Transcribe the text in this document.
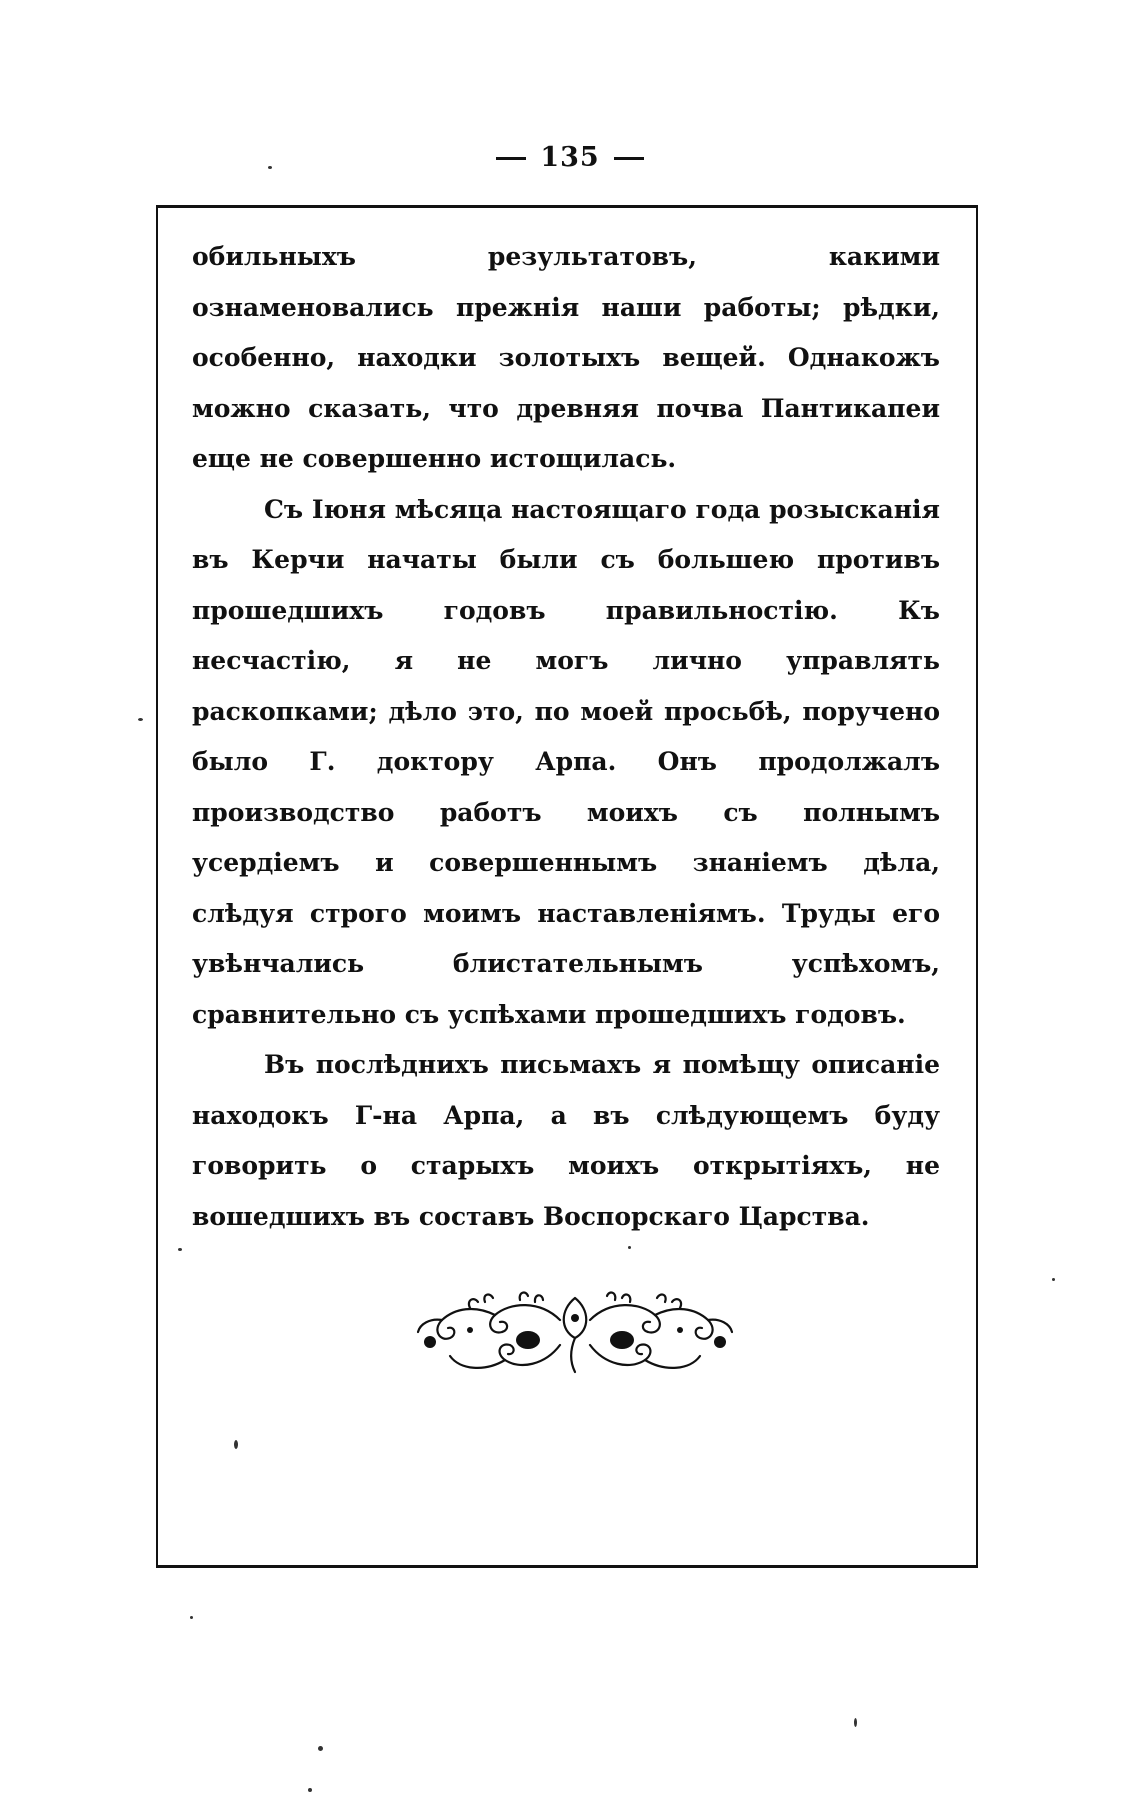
135

обильныхъ результатовъ, какими ознаменовались прежнія наши работы; рѣдки, особенно, находки золотыхъ вещей. Однакожъ можно сказать, что древняя почва Пантикапеи еще не совершенно истощилась.

Съ Іюня мѣсяца настоящаго года розысканія въ Керчи начаты были съ большею противъ прошедшихъ годовъ правильностію. Къ несчастію, я не могъ лично управлять раскопками; дѣло это, по моей просьбѣ, поручено было Г. доктору Арпа. Онъ продолжалъ производство работъ моихъ съ полнымъ усердіемъ и совершеннымъ знаніемъ дѣла, слѣдуя строго моимъ наставленіямъ. Труды его увѣнчались блистательнымъ успѣхомъ, сравнительно съ успѣхами прошедшихъ годовъ.

Въ послѣднихъ письмахъ я помѣщу описаніе находокъ Г-на Арпа, а въ слѣдующемъ буду говорить о старыхъ моихъ открытіяхъ, не вошедшихъ въ составъ Воспорскаго Царства.
